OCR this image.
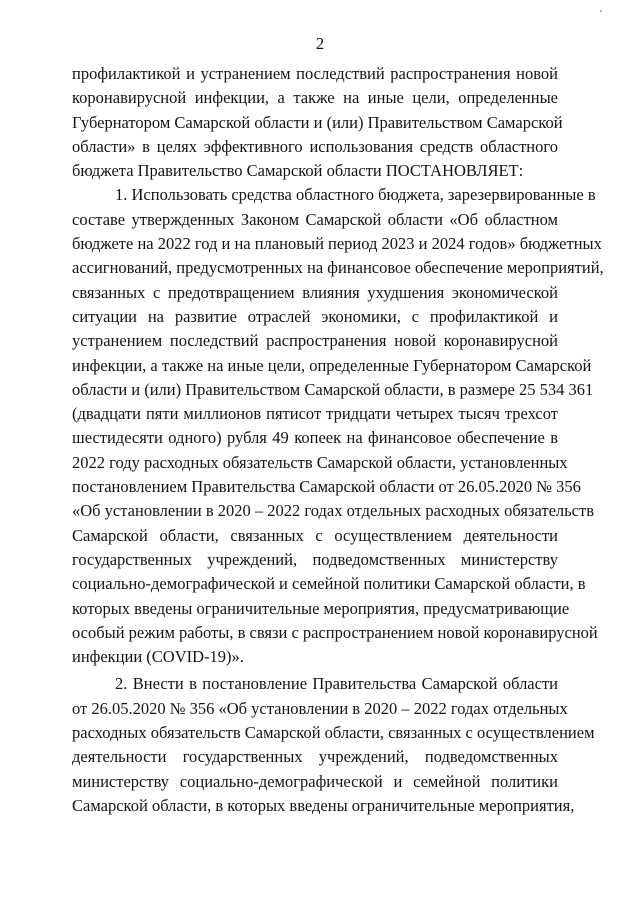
'
2
профилактикой и устранением последствий распространения новой
коронавирусной инфекции, а также на иные цели, определенные
Губернатором Самарской области и (или) Правительством Самарской
области» в целях эффективного использования средств областного
бюджета Правительство Самарской области ПОСТАНОВЛЯЕТ:
1. Использовать средства областного бюджета, зарезервированные в
составе утвержденных Законом Самарской области «Об областном
бюджете на 2022 год и на плановый период 2023 и 2024 годов» бюджетных
ассигнований, предусмотренных на финансовое обеспечение мероприятий,
связанных с предотвращением влияния ухудшения экономической
ситуации на развитие отраслей экономики, с профилактикой и
устранением последствий распространения новой коронавирусной
инфекции, а также на иные цели, определенные Губернатором Самарской
области и (или) Правительством Самарской области, в размере 25 534 361
(двадцати пяти миллионов пятисот тридцати четырех тысяч трехсот
шестидесяти одного) рубля 49 копеек на финансовое обеспечение в
2022 году расходных обязательств Самарской области, установленных
постановлением Правительства Самарской области от 26.05.2020 № 356
«Об установлении в 2020 – 2022 годах отдельных расходных обязательств
Самарской области, связанных с осуществлением деятельности
государственных учреждений, подведомственных министерству
социально-демографической и семейной политики Самарской области, в
которых введены ограничительные мероприятия, предусматривающие
особый режим работы, в связи с распространением новой коронавирусной
инфекции (COVID-19)».
2. Внести в постановление Правительства Самарской области
от 26.05.2020 № 356 «Об установлении в 2020 – 2022 годах отдельных
расходных обязательств Самарской области, связанных с осуществлением
деятельности государственных учреждений, подведомственных
министерству социально-демографической и семейной политики
Самарской области, в которых введены ограничительные мероприятия,
